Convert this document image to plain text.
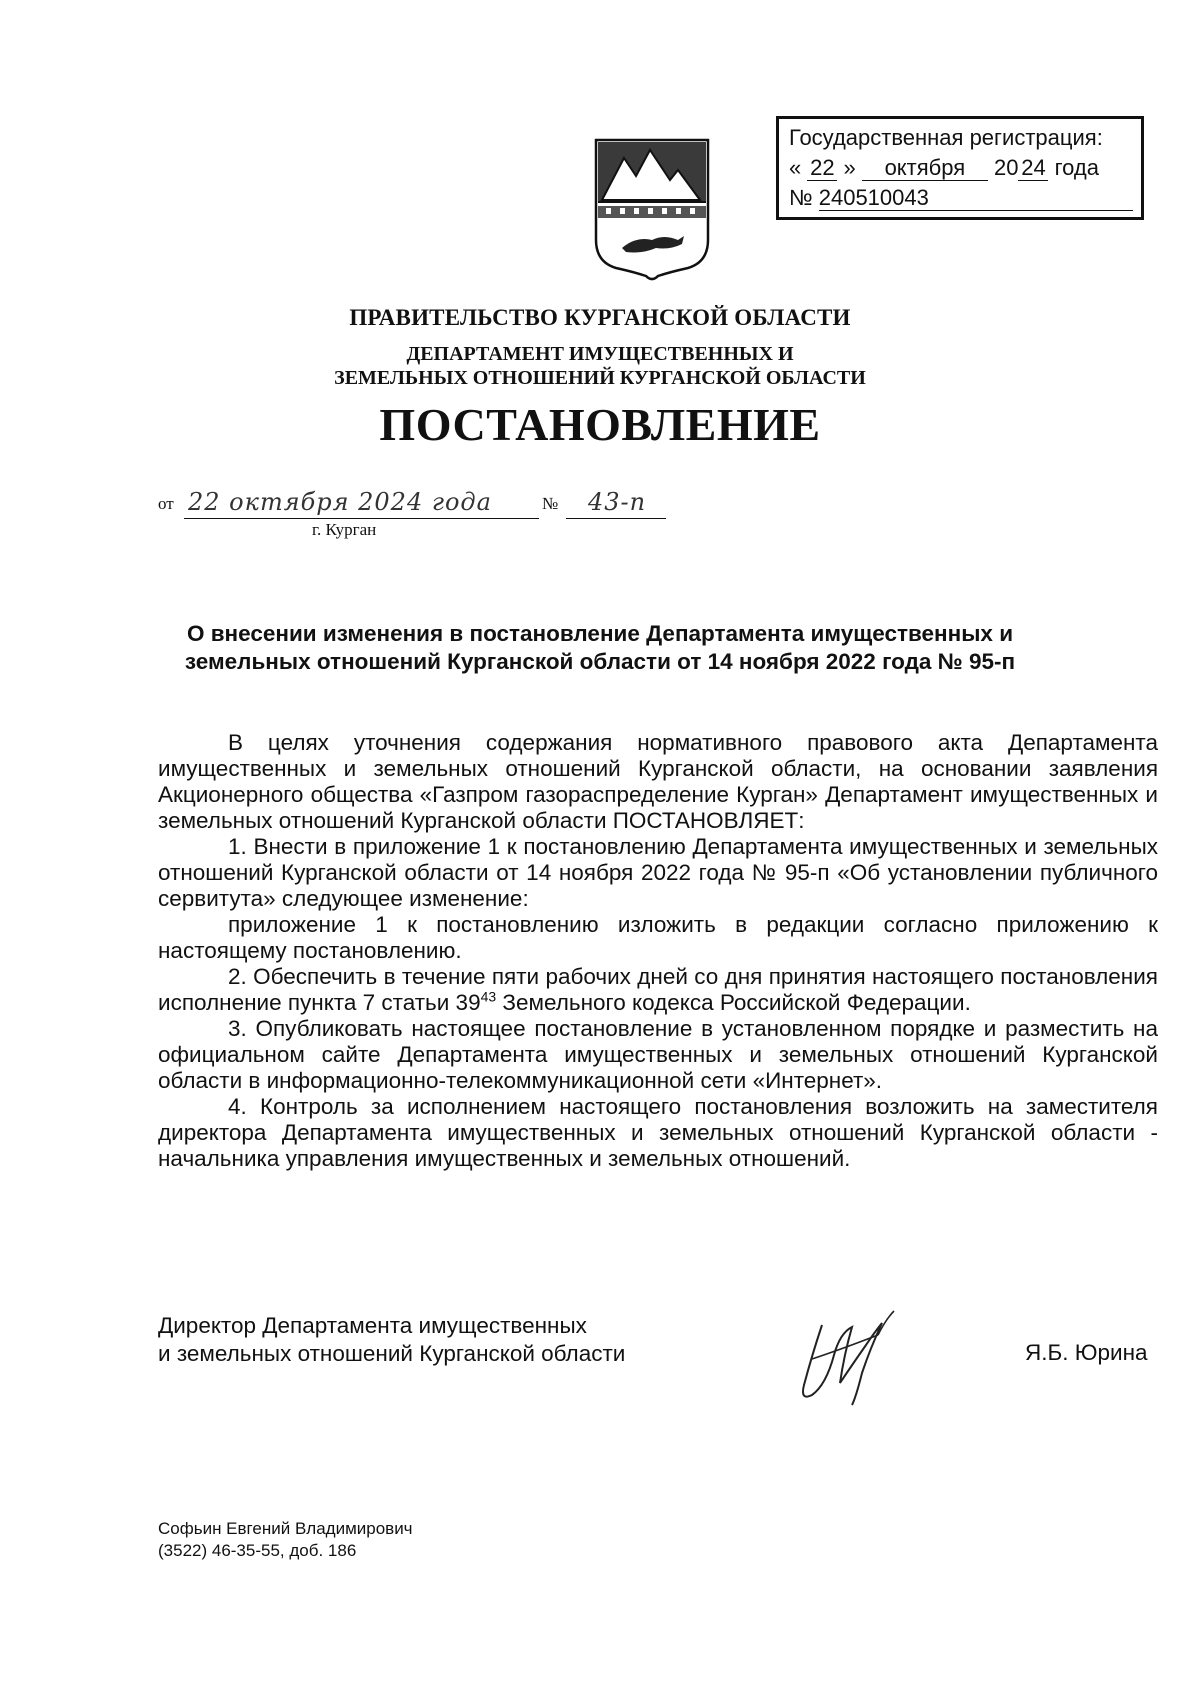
Государственная регистрация:
« 22 » октября 20 24 года
№ 240510043
ПРАВИТЕЛЬСТВО КУРГАНСКОЙ ОБЛАСТИ
ДЕПАРТАМЕНТ ИМУЩЕСТВЕННЫХ И
ЗЕМЕЛЬНЫХ ОТНОШЕНИЙ КУРГАНСКОЙ ОБЛАСТИ
ПОСТАНОВЛЕНИЕ
от 22 октября 2024 года	№ 43-п
г. Курган
О внесении изменения в постановление Департамента имущественных и
земельных отношений Курганской области от 14 ноября 2022 года № 95-п

В целях уточнения содержания нормативного правового акта Департамента имущественных и земельных отношений Курганской области, на основании заявления Акционерного общества «Газпром газораспределение Курган» Департамент имущественных и земельных отношений Курганской области ПОСТАНОВЛЯЕТ:

1. Внести в приложение 1 к постановлению Департамента имущественных и земельных отношений Курганской области от 14 ноября 2022 года № 95-п «Об установлении публичного сервитута» следующее изменение:

приложение 1 к постановлению изложить в редакции согласно приложению к настоящему постановлению.

2. Обеспечить в течение пяти рабочих дней со дня принятия настоящего постановления исполнение пункта 7 статьи $39^{43}$ Земельного кодекса Российской Федерации.

3. Опубликовать настоящее постановление в установленном порядке и разместить на официальном сайте Департамента имущественных и земельных отношений Курганской области в информационно-телекоммуникационной сети «Интернет».

4. Контроль за исполнением настоящего постановления возложить на заместителя директора Департамента имущественных и земельных отношений Курганской области - начальника управления имущественных и земельных отношений.

Директор Департамента имущественных
и земельных отношений Курганской области	Я.Б. Юрина
Софьин Евгений Владимирович
(3522) 46-35-55, доб. 186
